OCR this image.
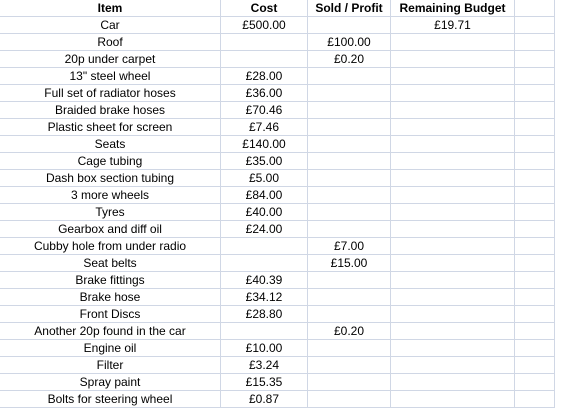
Item	Cost	Sold / Profit	Remaining Budget	
Car	£500.00		£19.71	
Roof		£100.00		
20p under carpet		£0.20		
13" steel wheel	£28.00			
Full set of radiator hoses	£36.00			
Braided brake hoses	£70.46			
Plastic sheet for screen	£7.46			
Seats	£140.00			
Cage tubing	£35.00			
Dash box section tubing	£5.00			
3 more wheels	£84.00			
Tyres	£40.00			
Gearbox and diff oil	£24.00			
Cubby hole from under radio		£7.00		
Seat belts		£15.00		
Brake fittings	£40.39			
Brake hose	£34.12			
Front Discs	£28.80			
Another 20p found in the car		£0.20		
Engine oil	£10.00			
Filter	£3.24			
Spray paint	£15.35			
Bolts for steering wheel	£0.87			
